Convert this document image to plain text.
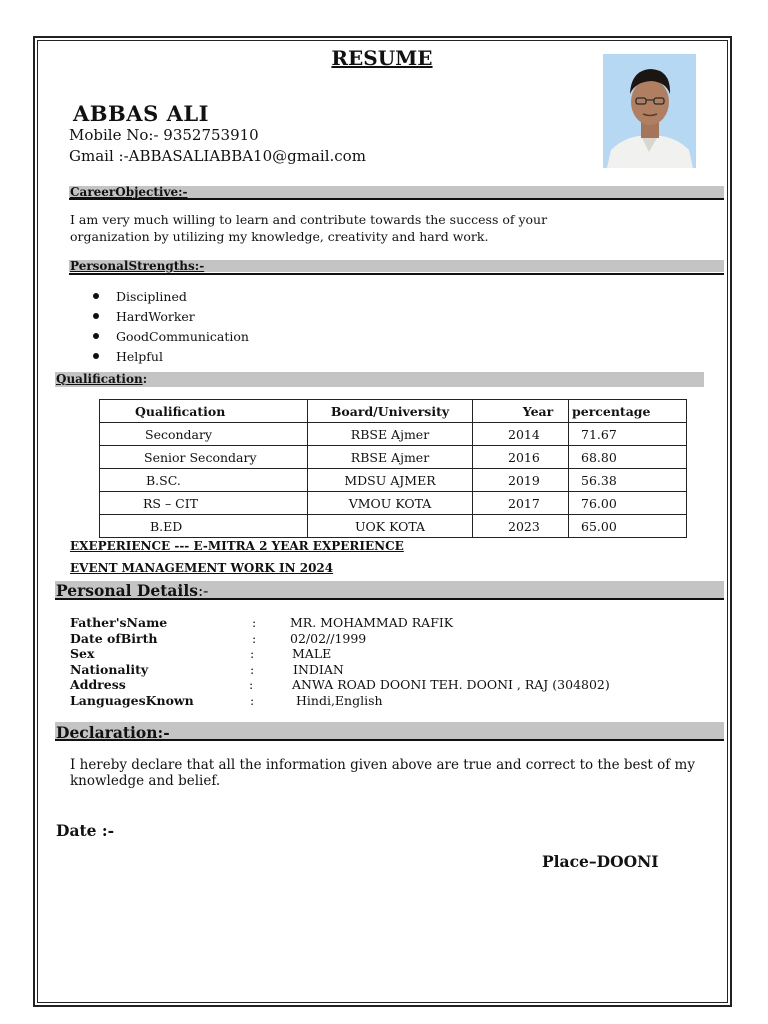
RESUME
ABBAS ALI
Mobile No:- 9352753910
Gmail :-ABBASALIABBA10@gmail.com
CareerObjective:-
I am very much willing to learn and contribute towards the success of your
organization by utilizing my knowledge, creativity and hard work.
PersonalStrengths:-
Disciplined
HardWorker
GoodCommunication
Helpful
Qualification:
Qualification	Board/University	Year	percentage
Secondary	RBSE Ajmer	2014	71.67
Senior Secondary	RBSE Ajmer	2016	68.80
B.SC.	MDSU AJMER	2019	56.38
RS – CIT	VMOU KOTA	2017	76.00
B.ED	UOK KOTA	2023	65.00
EXEPERIENCE --- E-MITRA 2 YEAR EXPERIENCE
EVENT MANAGEMENT WORK IN 2024
Personal Details:-
Father'sName	:	MR. MOHAMMAD RAFIK
Date ofBirth	:	02/02//1999
Sex	:	MALE
Nationality	:	INDIAN
Address	:	ANWA ROAD DOONI TEH. DOONI , RAJ (304802)
LanguagesKnown	:	Hindi,English
Declaration:-
I hereby declare that all the information given above are true and correct to the best of my
knowledge and belief.
Date :-
Place–DOONI
